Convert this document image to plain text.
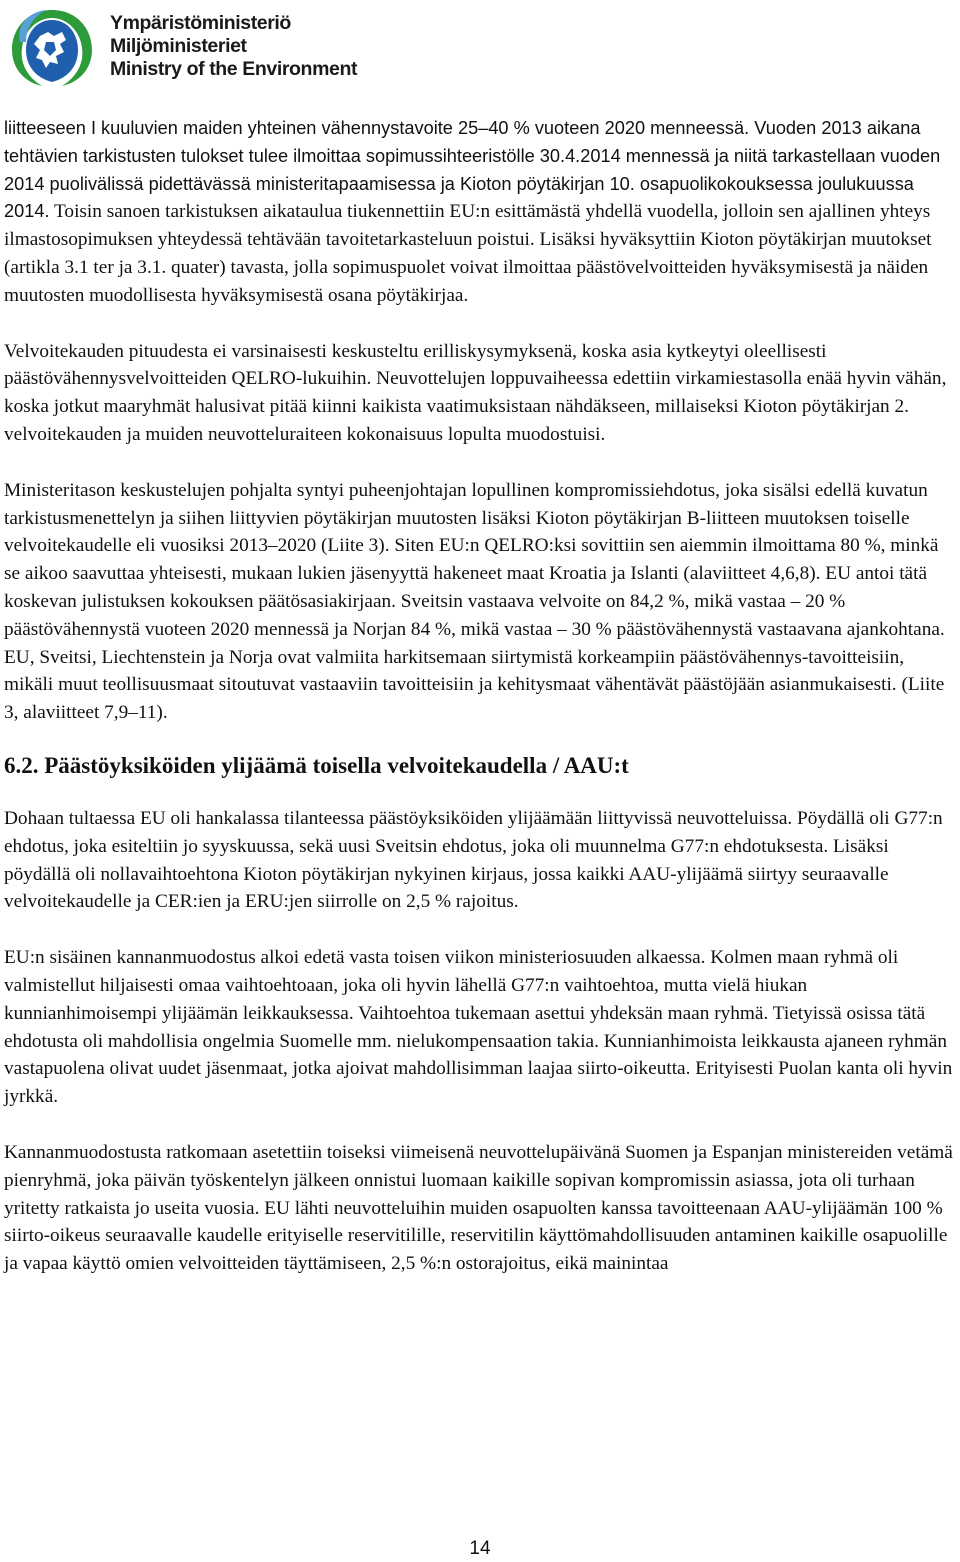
Ympäristöministeriö
Miljöministeriet
Ministry of the Environment

liitteeseen I kuuluvien maiden yhteinen vähennystavoite 25–40 % vuoteen 2020 menneessä. Vuoden 2013 aikana tehtävien tarkistusten tulokset tulee ilmoittaa sopimussihteeristölle 30.4.2014 mennessä ja niitä tarkastellaan vuoden 2014 puolivälissä pidettävässä ministeritapaamisessa ja Kioton pöytäkirjan 10. osapuolikokouksessa joulukuussa 2014. Toisin sanoen tarkistuksen aikataulua tiukennettiin EU:n esittämästä yhdellä vuodella, jolloin sen ajallinen yhteys ilmastosopimuksen yhteydessä tehtävään tavoitetarkasteluun poistui. Lisäksi hyväksyttiin Kioton pöytäkirjan muutokset (artikla 3.1 ter ja 3.1. quater) tavasta, jolla sopimuspuolet voivat ilmoittaa päästövelvoitteiden hyväksymisestä ja näiden muutosten muodollisesta hyväksymisestä osana pöytäkirjaa.

Velvoitekauden pituudesta ei varsinaisesti keskusteltu erilliskysymyksenä, koska asia kytkeytyi oleellisesti päästövähennysvelvoitteiden QELRO-lukuihin. Neuvottelujen loppuvaiheessa edettiin virkamiestasolla enää hyvin vähän, koska jotkut maaryhmät halusivat pitää kiinni kaikista vaatimuksistaan nähdäkseen, millaiseksi Kioton pöytäkirjan 2. velvoitekauden ja muiden neuvotteluraiteen kokonaisuus lopulta muodostuisi.

Ministeritason keskustelujen pohjalta syntyi puheenjohtajan lopullinen kompromissiehdotus, joka sisälsi edellä kuvatun tarkistusmenettelyn ja siihen liittyvien pöytäkirjan muutosten lisäksi Kioton pöytäkirjan B-liitteen muutoksen toiselle velvoitekaudelle eli vuosiksi 2013–2020 (Liite 3). Siten EU:n QELRO:ksi sovittiin sen aiemmin ilmoittama 80 %, minkä se aikoo saavuttaa yhteisesti, mukaan lukien jäsenyyttä hakeneet maat Kroatia ja Islanti (alaviitteet 4,6,8). EU antoi tätä koskevan julistuksen kokouksen päätösasiakirjaan. Sveitsin vastaava velvoite on 84,2 %, mikä vastaa – 20 % päästövähennystä vuoteen 2020 mennessä ja Norjan 84 %, mikä vastaa – 30 % päästövähennystä vastaavana ajankohtana. EU, Sveitsi, Liechtenstein ja Norja ovat valmiita harkitsemaan siirtymistä korkeampiin päästövähennys-tavoitteisiin, mikäli muut teollisuusmaat sitoutuvat vastaaviin tavoitteisiin ja kehitysmaat vähentävät päästöjään asianmukaisesti. (Liite 3, alaviitteet 7,9–11).

6.2. Päästöyksiköiden ylijäämä toisella velvoitekaudella / AAU:t

Dohaan tultaessa EU oli hankalassa tilanteessa päästöyksiköiden ylijäämään liittyvissä neuvotteluissa. Pöydällä oli G77:n ehdotus, joka esiteltiin jo syyskuussa, sekä uusi Sveitsin ehdotus, joka oli muunnelma G77:n ehdotuksesta. Lisäksi pöydällä oli nollavaihtoehtona Kioton pöytäkirjan nykyinen kirjaus, jossa kaikki AAU-ylijäämä siirtyy seuraavalle velvoitekaudelle ja CER:ien ja ERU:jen siirrolle on 2,5 % rajoitus.

EU:n sisäinen kannanmuodostus alkoi edetä vasta toisen viikon ministeriosuuden alkaessa. Kolmen maan ryhmä oli valmistellut hiljaisesti omaa vaihtoehtoaan, joka oli hyvin lähellä G77:n vaihtoehtoa, mutta vielä hiukan kunnianhimoisempi ylijäämän leikkauksessa. Vaihtoehtoa tukemaan asettui yhdeksän maan ryhmä. Tietyissä osissa tätä ehdotusta oli mahdollisia ongelmia Suomelle mm. nielukompensaation takia. Kunnianhimoista leikkausta ajaneen ryhmän vastapuolena olivat uudet jäsenmaat, jotka ajoivat mahdollisimman laajaa siirto-oikeutta. Erityisesti Puolan kanta oli hyvin jyrkkä.

Kannanmuodostusta ratkomaan asetettiin toiseksi viimeisenä neuvottelupäivänä Suomen ja Espanjan ministereiden vetämä pienryhmä, joka päivän työskentelyn jälkeen onnistui luomaan kaikille sopivan kompromissin asiassa, jota oli turhaan yritetty ratkaista jo useita vuosia. EU lähti neuvotteluihin muiden osapuolten kanssa tavoitteenaan AAU-ylijäämän 100 % siirto-oikeus seuraavalle kaudelle erityiselle reservitilille, reservitilin käyttömahdollisuuden antaminen kaikille osapuolille ja vapaa käyttö omien velvoitteiden täyttämiseen, 2,5 %:n ostorajoitus, eikä mainintaa

14
